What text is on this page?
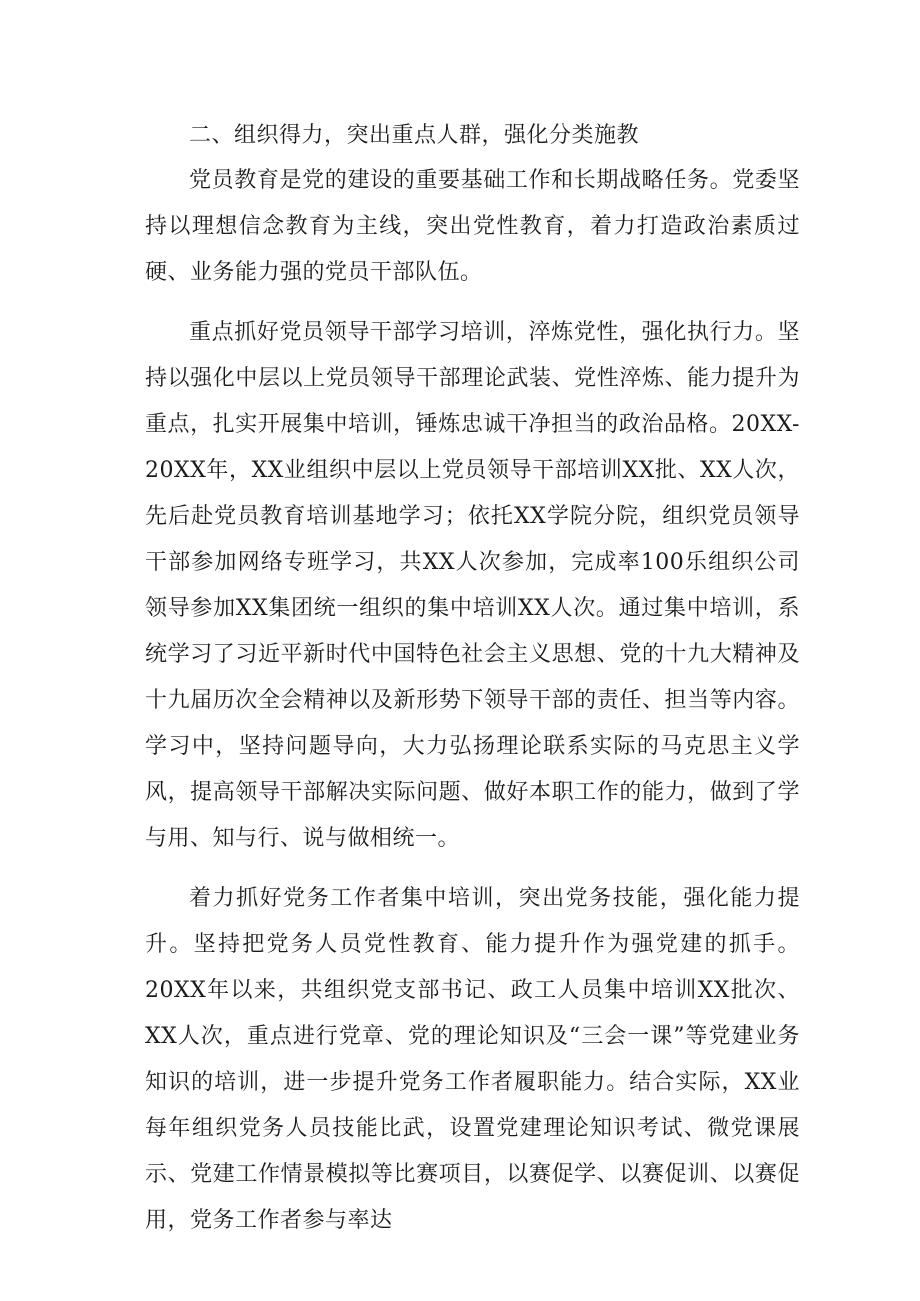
二、组织得力，突出重点人群，强化分类施教

党员教育是党的建设的重要基础工作和长期战略任务。党委坚持以理想信念教育为主线，突出党性教育，着力打造政治素质过硬、业务能力强的党员干部队伍。

重点抓好党员领导干部学习培训，淬炼党性，强化执行力。坚持以强化中层以上党员领导干部理论武装、党性淬炼、能力提升为重点，扎实开展集中培训，锤炼忠诚干净担当的政治品格。20XX-20XX年，XX业组织中层以上党员领导干部培训XX批、XX人次，先后赴党员教育培训基地学习；依托XX学院分院，组织党员领导干部参加网络专班学习，共XX人次参加，完成率100乐组织公司领导参加XX集团统一组织的集中培训XX人次。通过集中培训，系统学习了习近平新时代中国特色社会主义思想、党的十九大精神及十九届历次全会精神以及新形势下领导干部的责任、担当等内容。学习中，坚持问题导向，大力弘扬理论联系实际的马克思主义学风，提高领导干部解决实际问题、做好本职工作的能力，做到了学与用、知与行、说与做相统一。

着力抓好党务工作者集中培训，突出党务技能，强化能力提升。坚持把党务人员党性教育、能力提升作为强党建的抓手。20XX年以来，共组织党支部书记、政工人员集中培训XX批次、XX人次，重点进行党章、党的理论知识及“三会一课”等党建业务知识的培训，进一步提升党务工作者履职能力。结合实际，XX业每年组织党务人员技能比武，设置党建理论知识考试、微党课展示、党建工作情景模拟等比赛项目，以赛促学、以赛促训、以赛促用，党务工作者参与率达
